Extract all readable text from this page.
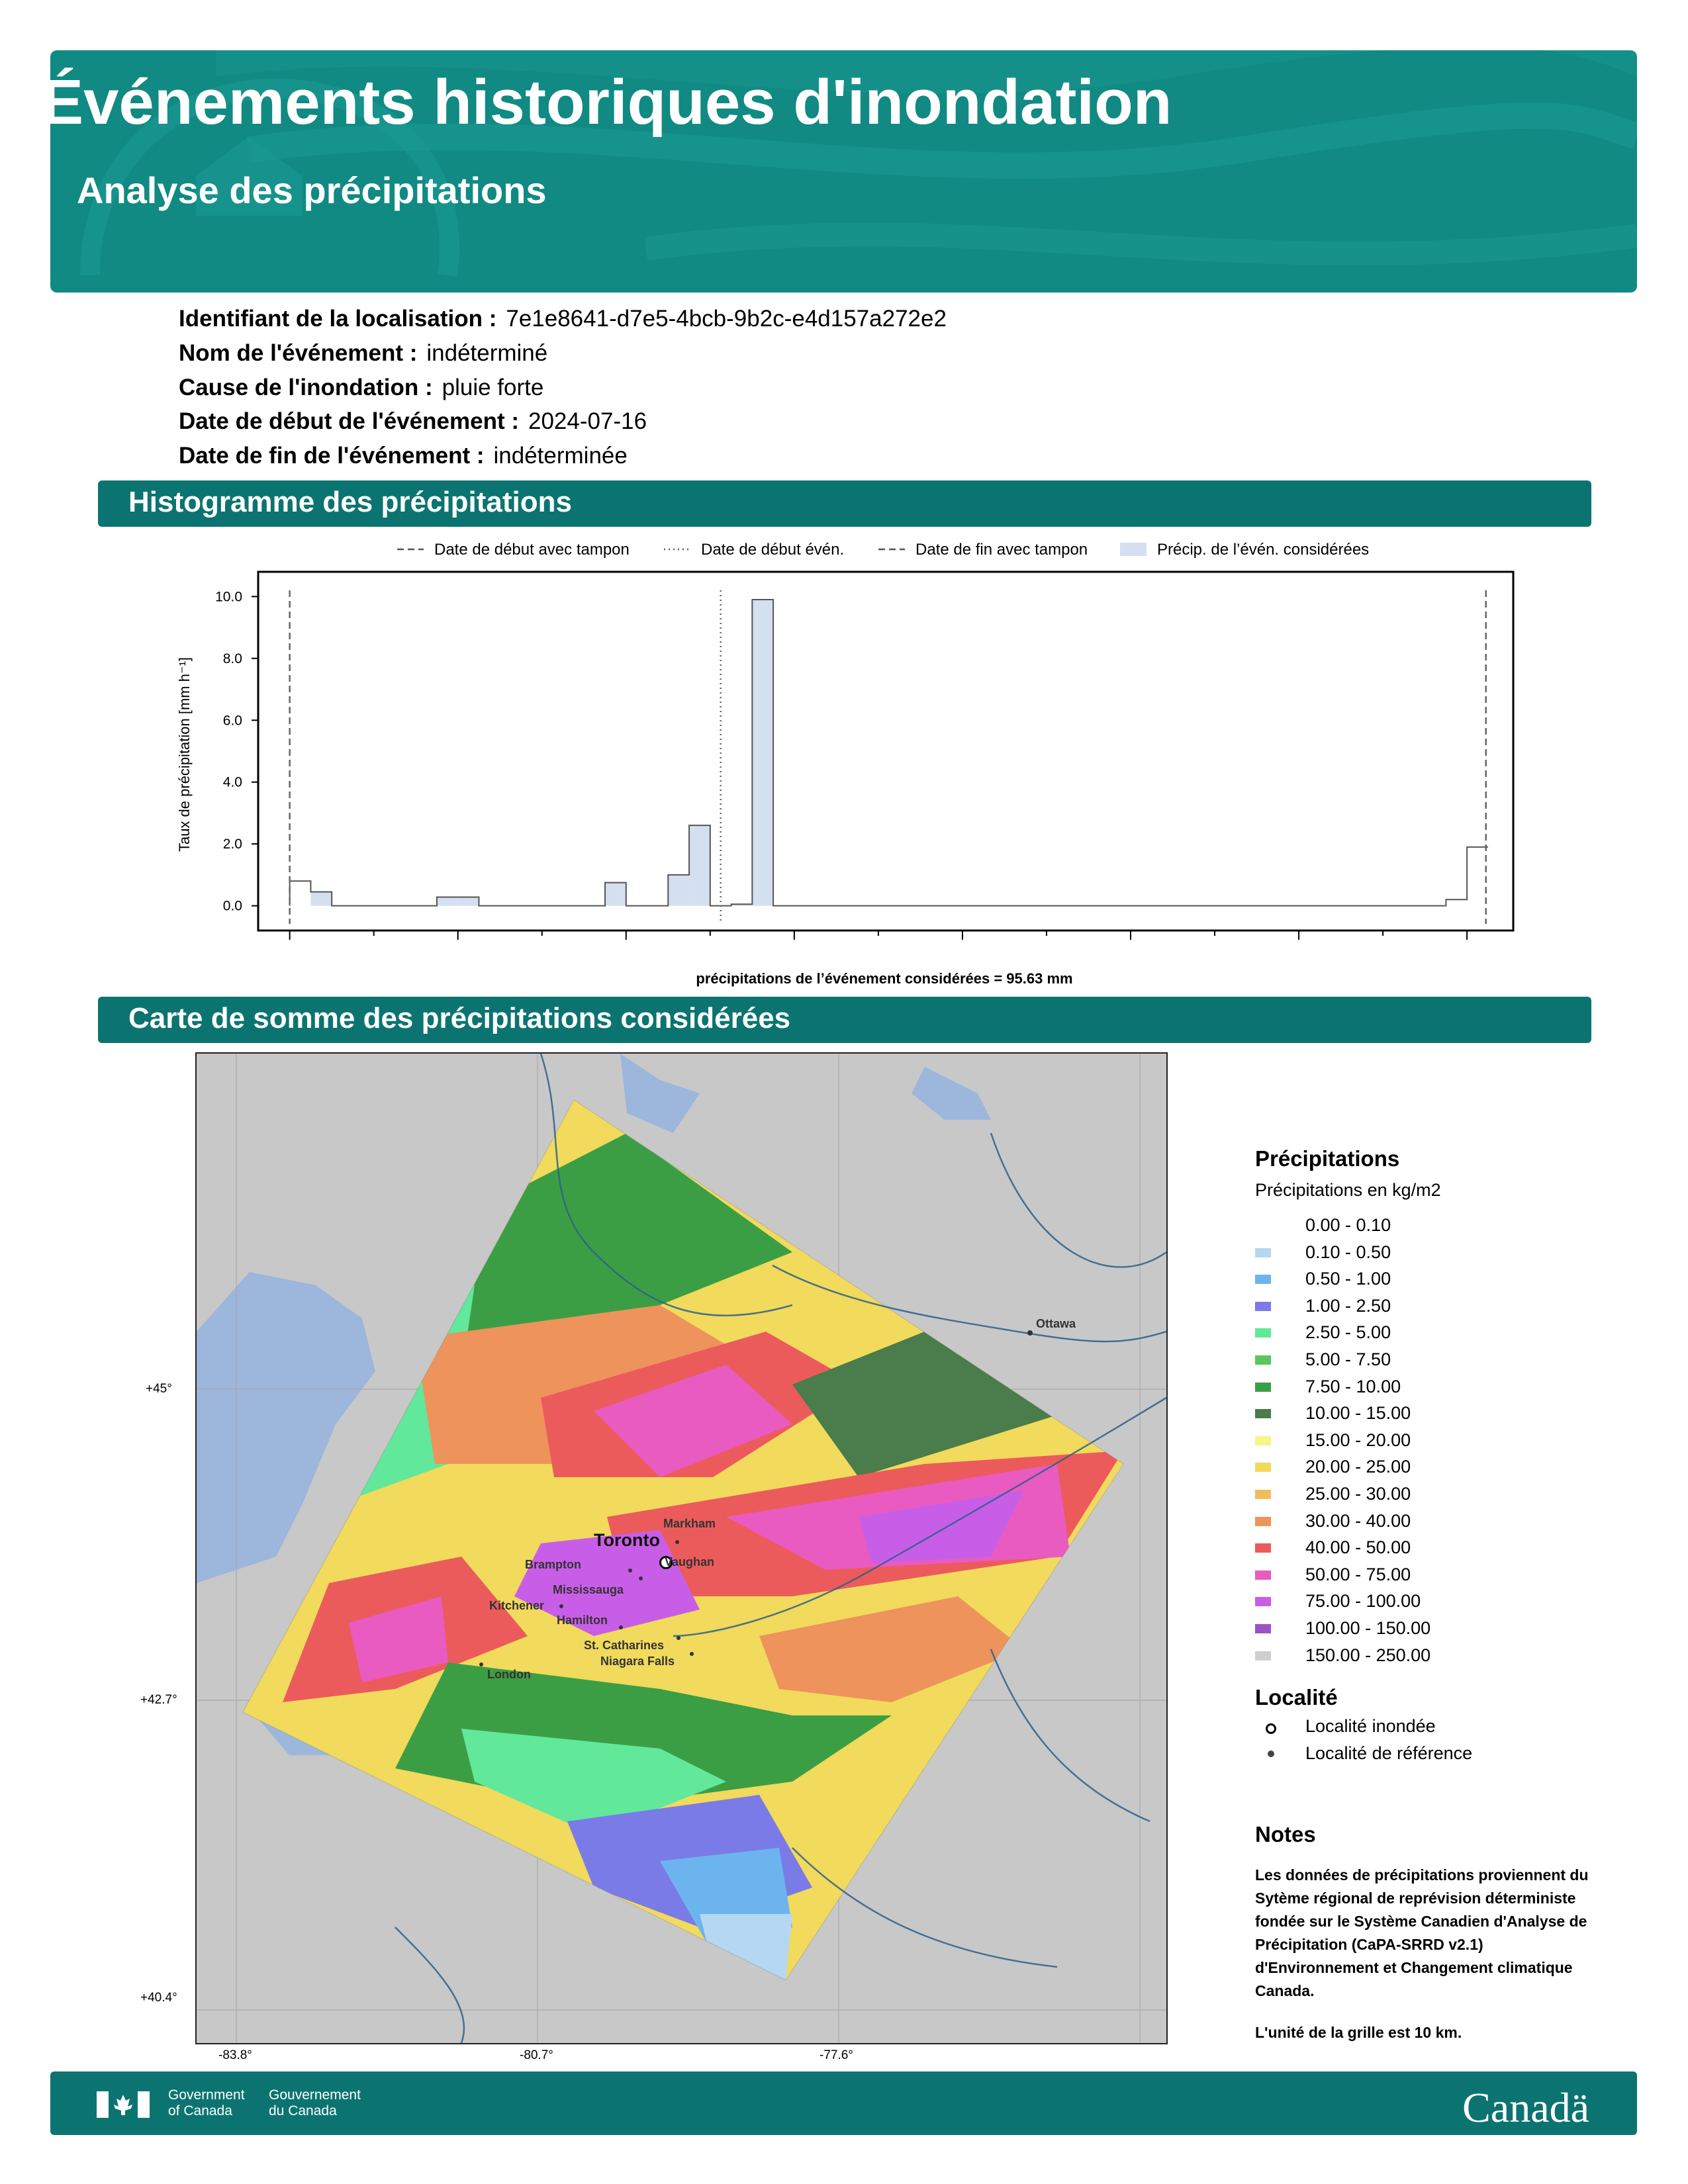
Événements historiques d'inondation
Analyse des précipitations
Identifiant de la localisation : 7e1e8641-d7e5-4bcb-9b2c-e4d157a272e2
Nom de l'événement : indéterminé
Cause de l'inondation : pluie forte
Date de début de l'événement : 2024-07-16
Date de fin de l'événement : indéterminée
Histogramme des précipitations
Date de début avec tampon	Date de début évén.	Date de fin avec tampon	Précip. de l’évén. considérées
Taux de précipitation [mm h⁻¹]
0.0
2.0
4.0
6.0
8.0
10.0
précipitations de l’événement considérées = 95.63 mm
Carte de somme des précipitations considérées
Ottawa
Toronto
Markham
Vaughan
Brampton
Mississauga
Kitchener
Hamilton
St. Catharines
Niagara Falls
London
+45°
+42.7°
+40.4°
-83.8°	-80.7°	-77.6°
Précipitations
Précipitations en kg/m2
0.00 - 0.10
0.10 - 0.50
0.50 - 1.00
1.00 - 2.50
2.50 - 5.00
5.00 - 7.50
7.50 - 10.00
10.00 - 15.00
15.00 - 20.00
20.00 - 25.00
25.00 - 30.00
30.00 - 40.00
40.00 - 50.00
50.00 - 75.00
75.00 - 100.00
100.00 - 150.00
150.00 - 250.00
Localité
Localité inondée
Localité de référence
Notes
Les données de précipitations proviennent du Sytème régional de reprévision déterministe fondée sur le Système Canadien d'Analyse de Précipitation (CaPA-SRRD v2.1) d'Environnement et Changement climatique Canada.
L'unité de la grille est 10 km.
Government
of Canada
Gouvernement
du Canada	Canadä
